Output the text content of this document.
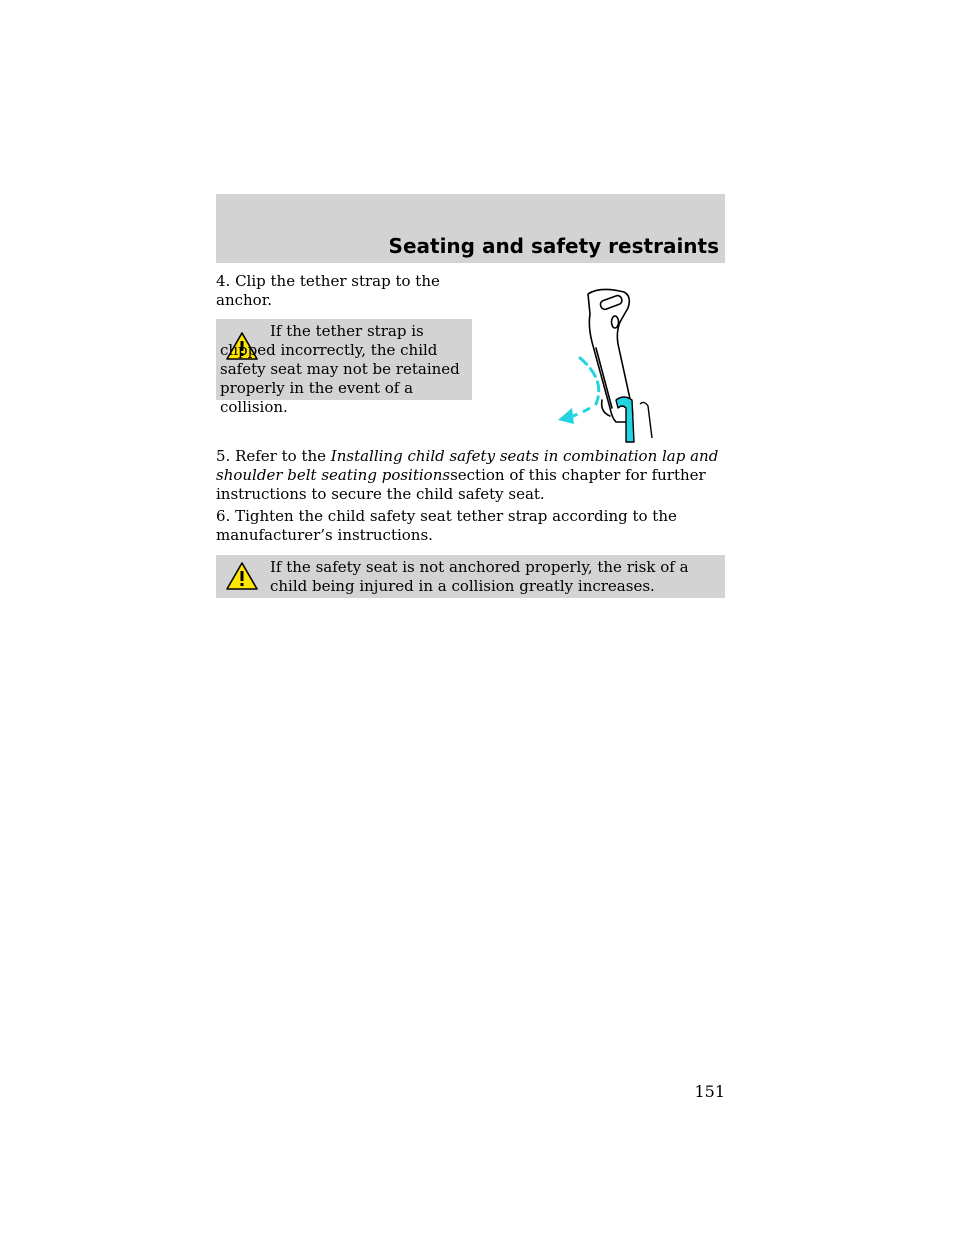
Seating and safety restraints

4. Clip the tether strap to the anchor.

If the tether strap is clipped incorrectly, the child safety seat may not be retained properly in the event of a collision.

5. Refer to the Installing child safety seats in combination lap and shoulder belt seating positionssection of this chapter for further instructions to secure the child safety seat.

6. Tighten the child safety seat tether strap according to the manufacturer’s instructions.

If the safety seat is not anchored properly, the risk of a child being injured in a collision greatly increases.

151
